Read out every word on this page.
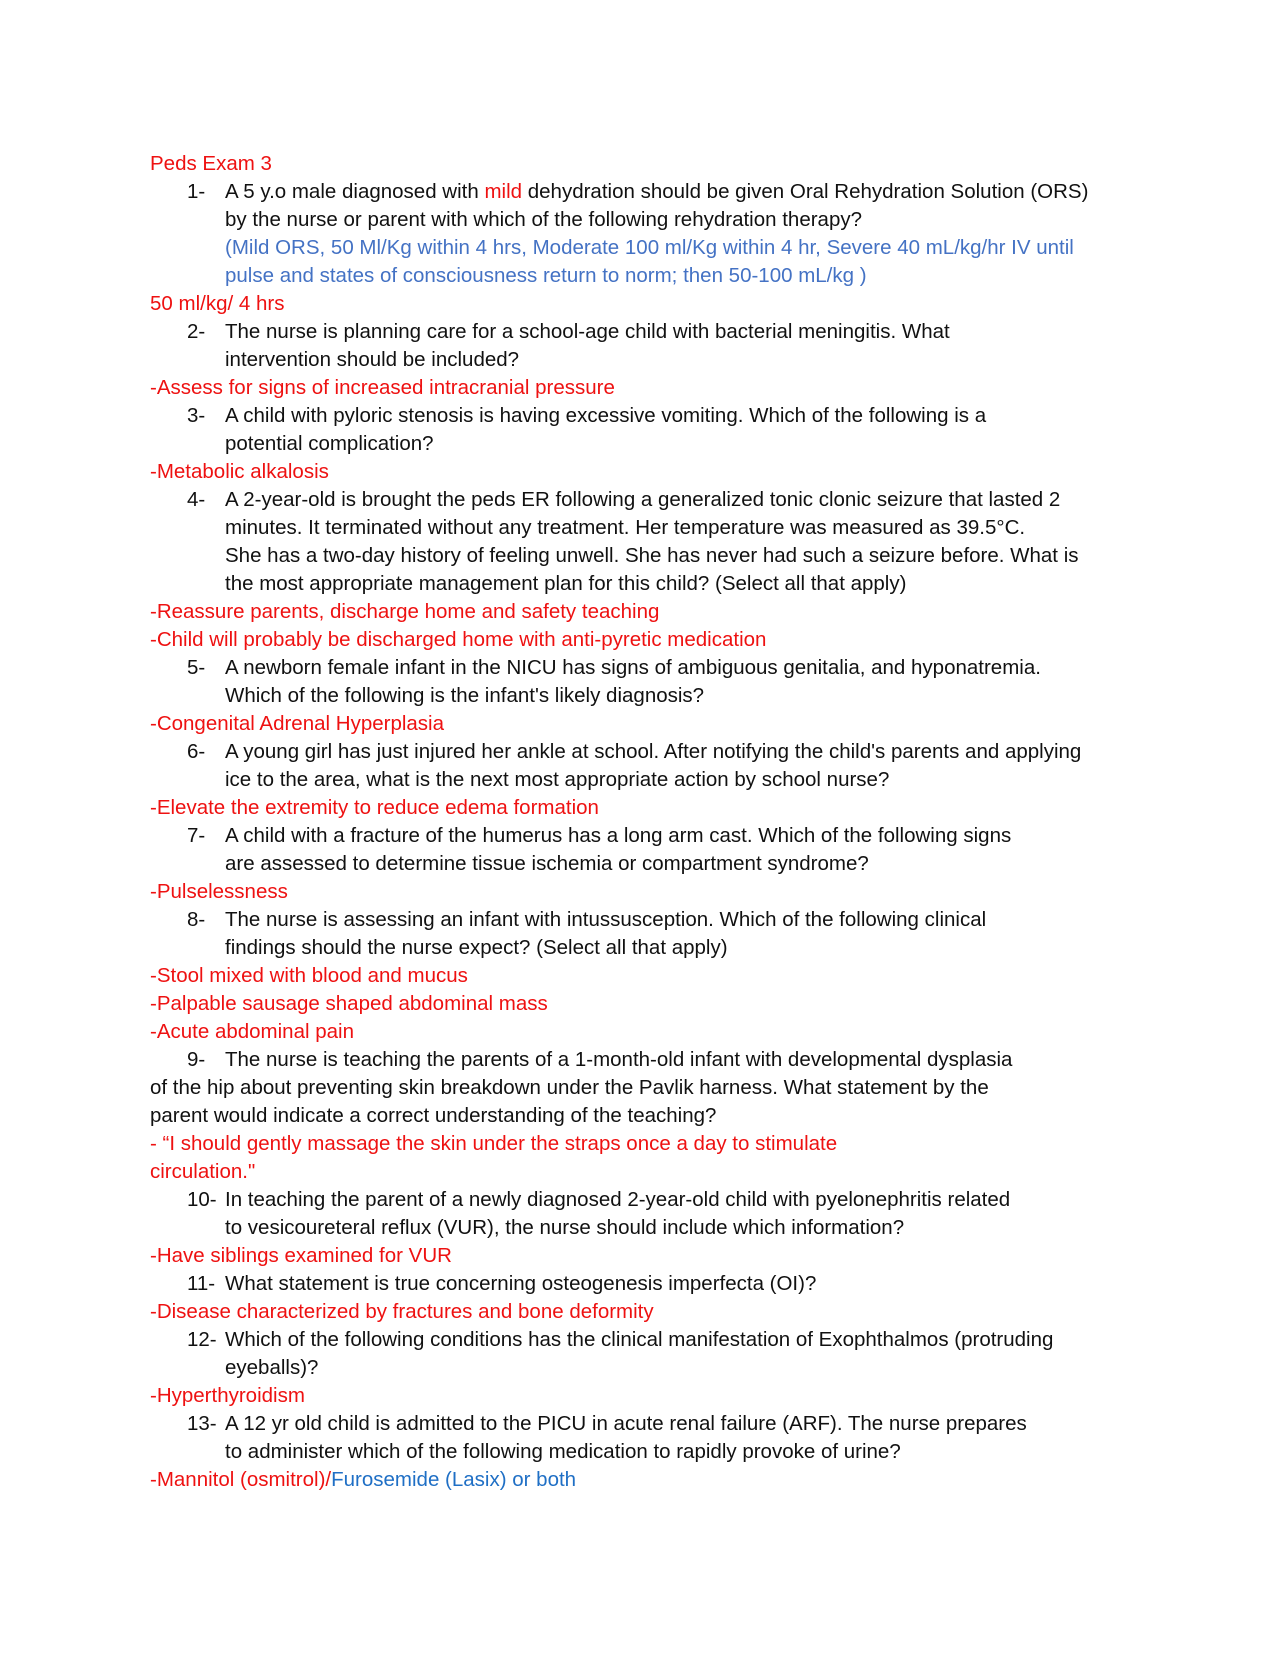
Peds Exam 3
1- A 5 y.o male diagnosed with mild dehydration should be given Oral Rehydration Solution (ORS)
by the nurse or parent with which of the following rehydration therapy?
(Mild ORS, 50 Ml/Kg within 4 hrs, Moderate 100 ml/Kg within 4 hr, Severe 40 mL/kg/hr IV until
pulse and states of consciousness return to norm; then 50-100 mL/kg )
50 ml/kg/ 4 hrs
2- The nurse is planning care for a school-age child with bacterial meningitis. What
intervention should be included?
-Assess for signs of increased intracranial pressure
3- A child with pyloric stenosis is having excessive vomiting. Which of the following is a
potential complication?
-Metabolic alkalosis
4- A 2-year-old is brought the peds ER following a generalized tonic clonic seizure that lasted 2
minutes. It terminated without any treatment. Her temperature was measured as 39.5°C.
She has a two-day history of feeling unwell. She has never had such a seizure before. What is
the most appropriate management plan for this child? (Select all that apply)
-Reassure parents, discharge home and safety teaching
-Child will probably be discharged home with anti-pyretic medication
5- A newborn female infant in the NICU has signs of ambiguous genitalia, and hyponatremia.
Which of the following is the infant's likely diagnosis?
-Congenital Adrenal Hyperplasia
6- A young girl has just injured her ankle at school. After notifying the child's parents and applying
ice to the area, what is the next most appropriate action by school nurse?
-Elevate the extremity to reduce edema formation
7- A child with a fracture of the humerus has a long arm cast. Which of the following signs
are assessed to determine tissue ischemia or compartment syndrome?
-Pulselessness
8- The nurse is assessing an infant with intussusception. Which of the following clinical
findings should the nurse expect? (Select all that apply)
-Stool mixed with blood and mucus
-Palpable sausage shaped abdominal mass
-Acute abdominal pain
9- The nurse is teaching the parents of a 1-month-old infant with developmental dysplasia
of the hip about preventing skin breakdown under the Pavlik harness. What statement by the
parent would indicate a correct understanding of the teaching?
- “I should gently massage the skin under the straps once a day to stimulate
circulation."
10- In teaching the parent of a newly diagnosed 2-year-old child with pyelonephritis related
to vesicoureteral reflux (VUR), the nurse should include which information?
-Have siblings examined for VUR
11- What statement is true concerning osteogenesis imperfecta (OI)?
-Disease characterized by fractures and bone deformity
12- Which of the following conditions has the clinical manifestation of Exophthalmos (protruding
eyeballs)?
-Hyperthyroidism
13- A 12 yr old child is admitted to the PICU in acute renal failure (ARF). The nurse prepares
to administer which of the following medication to rapidly provoke of urine?
-Mannitol (osmitrol)/Furosemide (Lasix) or both
